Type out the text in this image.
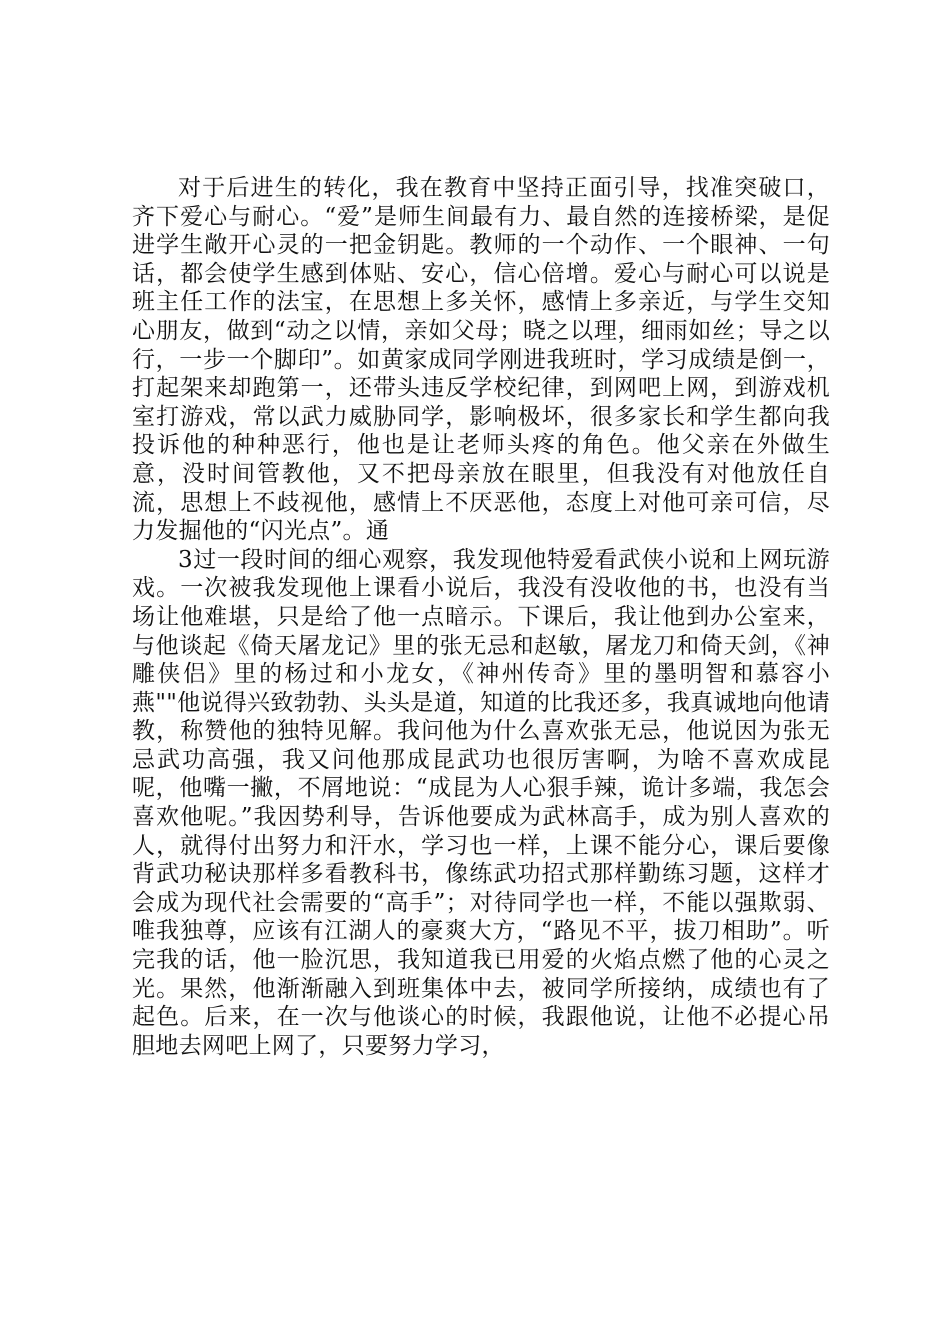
对于后进生的转化，我在教育中坚持正面引导，找准突破口，齐下爱心与耐心。“爱”是师生间最有力、最自然的连接桥梁，是促进学生敞开心灵的一把金钥匙。教师的一个动作、一个眼神、一句话，都会使学生感到体贴、安心，信心倍增。爱心与耐心可以说是班主任工作的法宝，在思想上多关怀，感情上多亲近，与学生交知心朋友，做到“动之以情，亲如父母；晓之以理，细雨如丝；导之以行，一步一个脚印”。如黄家成同学刚进我班时，学习成绩是倒一，打起架来却跑第一，还带头违反学校纪律，到网吧上网，到游戏机室打游戏，常以武力威胁同学，影响极坏，很多家长和学生都向我投诉他的种种恶行，他也是让老师头疼的角色。他父亲在外做生意，没时间管教他，又不把母亲放在眼里，但我没有对他放任自流，思想上不歧视他，感情上不厌恶他，态度上对他可亲可信，尽力发掘他的“闪光点”。通

3过一段时间的细心观察，我发现他特爱看武侠小说和上网玩游戏。一次被我发现他上课看小说后，我没有没收他的书，也没有当场让他难堪，只是给了他一点暗示。下课后，我让他到办公室来，与他谈起《倚天屠龙记》里的张无忌和赵敏，屠龙刀和倚天剑，《神雕侠侣》里的杨过和小龙女，《神州传奇》里的墨明智和慕容小燕""他说得兴致勃勃、头头是道，知道的比我还多，我真诚地向他请教，称赞他的独特见解。我问他为什么喜欢张无忌，他说因为张无忌武功高强，我又问他那成昆武功也很厉害啊，为啥不喜欢成昆呢，他嘴一撇，不屑地说：“成昆为人心狠手辣，诡计多端，我怎会喜欢他呢。”我因势利导，告诉他要成为武林高手，成为别人喜欢的人，就得付出努力和汗水，学习也一样，上课不能分心，课后要像背武功秘诀那样多看教科书，像练武功招式那样勤练习题，这样才会成为现代社会需要的“高手”；对待同学也一样，不能以强欺弱、唯我独尊，应该有江湖人的豪爽大方，“路见不平，拔刀相助”。听完我的话，他一脸沉思，我知道我已用爱的火焰点燃了他的心灵之光。果然，他渐渐融入到班集体中去，被同学所接纳，成绩也有了起色。后来，在一次与他谈心的时候，我跟他说，让他不必提心吊胆地去网吧上网了，只要努力学习，
